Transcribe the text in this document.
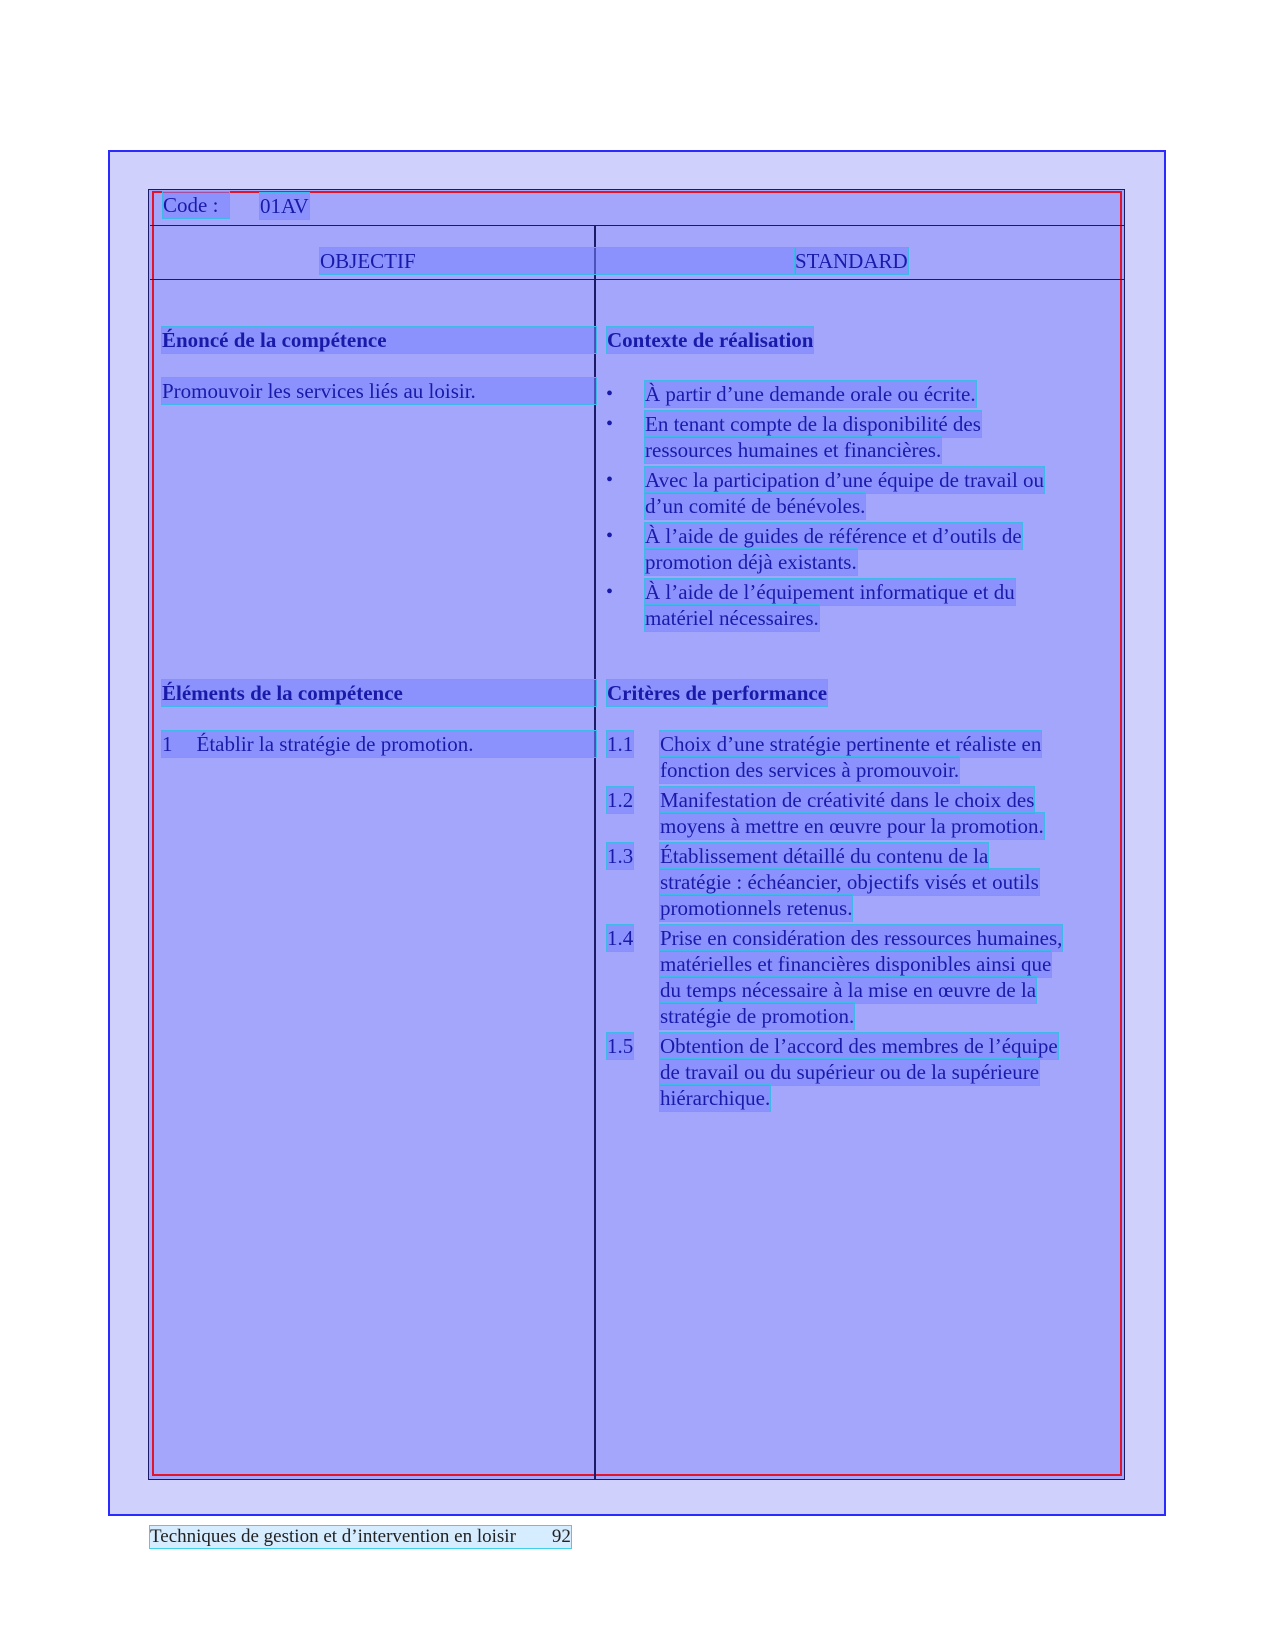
Code :	01AV
OBJECTIF	STANDARD
Énoncé de la compétence
Promouvoir les services liés au loisir.
Éléments de la compétence
1 Établir la stratégie de promotion.
Contexte de réalisation
• À partir d’une demande orale ou écrite.
• En tenant compte de la disponibilité des
ressources humaines et financières.
• Avec la participation d’une équipe de travail ou
d’un comité de bénévoles.
• À l’aide de guides de référence et d’outils de
promotion déjà existants.
• À l’aide de l’équipement informatique et du
matériel nécessaires.
Critères de performance
1.1 Choix d’une stratégie pertinente et réaliste en
fonction des services à promouvoir.
1.2 Manifestation de créativité dans le choix des
moyens à mettre en œuvre pour la promotion.
1.3 Établissement détaillé du contenu de la
stratégie : échéancier, objectifs visés et outils
promotionnels retenus.
1.4 Prise en considération des ressources humaines,
matérielles et financières disponibles ainsi que
du temps nécessaire à la mise en œuvre de la
stratégie de promotion.
1.5 Obtention de l’accord des membres de l’équipe
de travail ou du supérieur ou de la supérieure
hiérarchique.
Techniques de gestion et d’intervention en loisir 92
